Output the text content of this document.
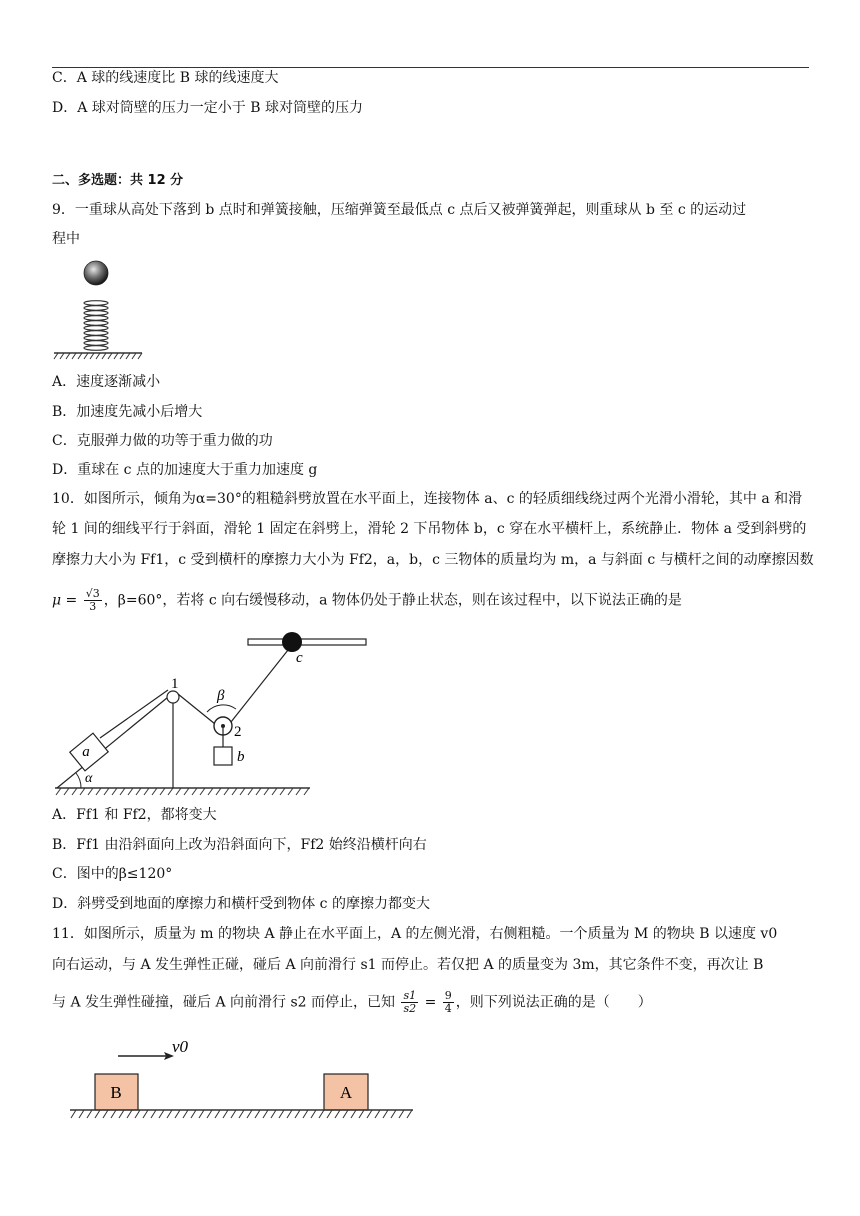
C．A 球的线速度比 B 球的线速度大
D．A 球对筒壁的压力一定小于 B 球对筒壁的压力
二、多选题：共 12 分
9．一重球从高处下落到 b 点时和弹簧接触，压缩弹簧至最低点 c 点后又被弹簧弹起，则重球从 b 至 c 的运动过
程中
A．速度逐渐减小
B．加速度先减小后增大
C．克服弹力做的功等于重力做的功
D．重球在 c 点的加速度大于重力加速度 g
10．如图所示，倾角为α=30°的粗糙斜劈放置在水平面上，连接物体 a、c 的轻质细线绕过两个光滑小滑轮，其中 a 和滑
轮 1 间的细线平行于斜面，滑轮 1 固定在斜劈上，滑轮 2 下吊物体 b，c 穿在水平横杆上，系统静止．物体 a 受到斜劈的
摩擦力大小为 Ff1，c 受到横杆的摩擦力大小为 Ff2，a，b，c 三物体的质量均为 m，a 与斜面 c 与横杆之间的动摩擦因数
$\mu = \frac{√3}{3}$ ，β=60°，若将 c 向右缓慢移动，a 物体仍处于静止状态，则在该过程中，以下说法正确的是
a
α
1
2
β
b
c
A．Ff1 和 Ff2，都将变大
B．Ff1 由沿斜面向上改为沿斜面向下，Ff2 始终沿横杆向右
C．图中的β≤120°
D．斜劈受到地面的摩擦力和横杆受到物体 c 的摩擦力都变大
11．如图所示，质量为 m 的物块 A 静止在水平面上，A 的左侧光滑，右侧粗糙。一个质量为 M 的物块 B 以速度 v0
向右运动，与 A 发生弹性正碰，碰后 A 向前滑行 s1 而停止。若仅把 A 的质量变为 3m，其它条件不变，再次让 B
与 A 发生弹性碰撞，碰后 A 向前滑行 s2 而停止，已知 $\frac{s1}{s2} = \frac{9}{4}$ ，则下列说法正确的是（　　）
v0
B	A
